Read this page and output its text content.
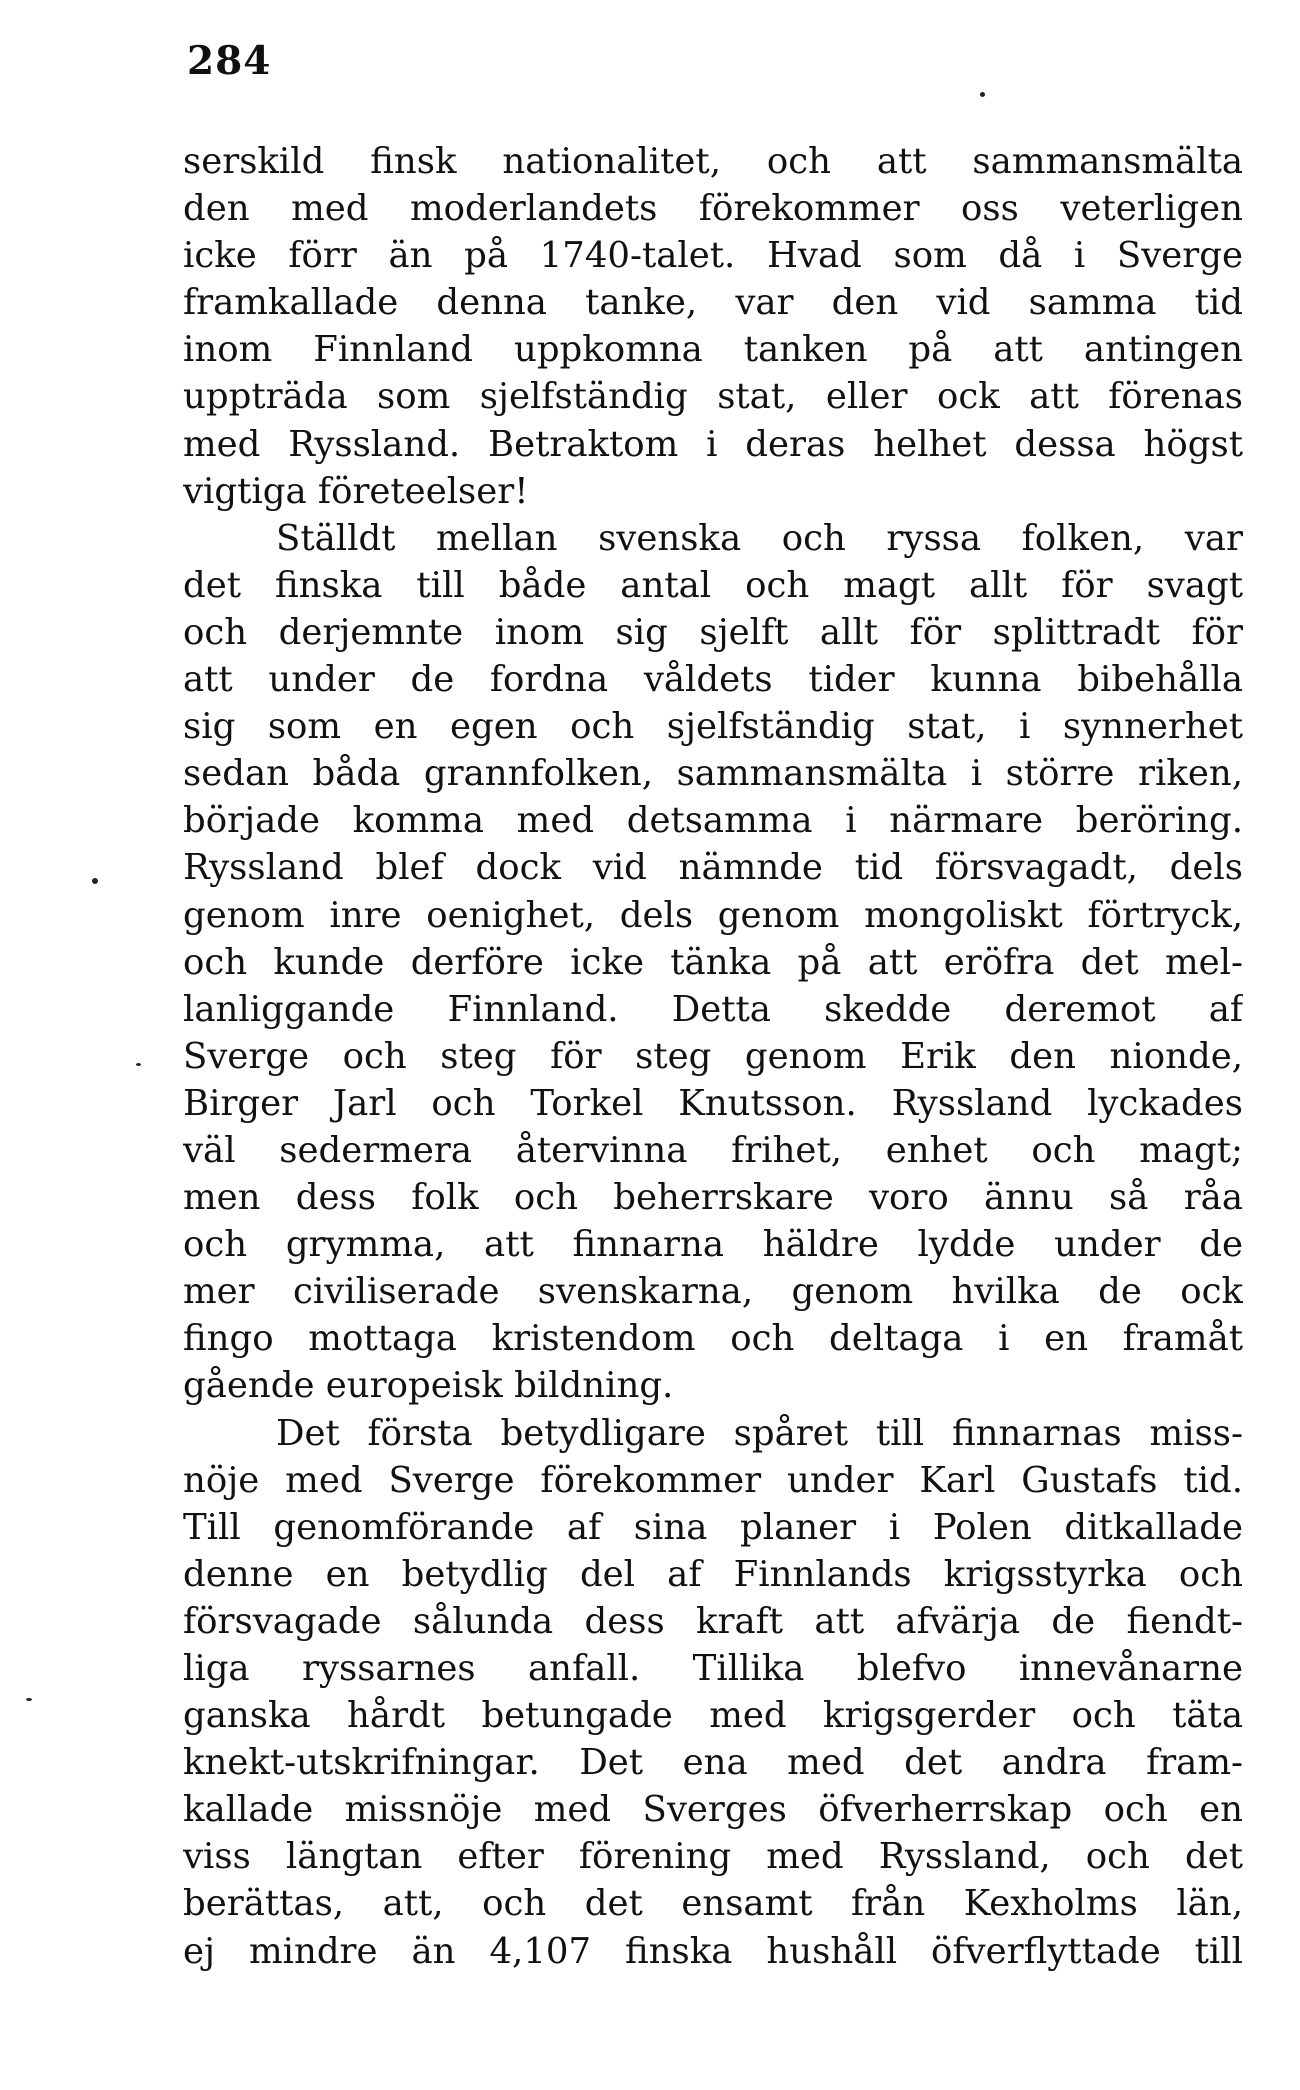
284
serskild finsk nationalitet, och att sammansmälta
den med moderlandets förekommer oss veterligen
icke förr än på 1740-talet. Hvad som då i Sverge
framkallade denna tanke, var den vid samma tid
inom Finnland uppkomna tanken på att antingen
uppträda som sjelfständig stat, eller ock att förenas
med Ryssland. Betraktom i deras helhet dessa högst
vigtiga företeelser!
Ställdt mellan svenska och ryssa folken, var
det finska till både antal och magt allt för svagt
och derjemnte inom sig sjelft allt för splittradt för
att under de fordna våldets tider kunna bibehålla
sig som en egen och sjelfständig stat, i synnerhet
sedan båda grannfolken, sammansmälta i större riken,
började komma med detsamma i närmare beröring.
Ryssland blef dock vid nämnde tid försvagadt, dels
genom inre oenighet, dels genom mongoliskt förtryck,
och kunde derföre icke tänka på att eröfra det mel-
lanliggande Finnland. Detta skedde deremot af
Sverge och steg för steg genom Erik den nionde,
Birger Jarl och Torkel Knutsson. Ryssland lyckades
väl sedermera återvinna frihet, enhet och magt;
men dess folk och beherrskare voro ännu så råa
och grymma, att finnarna häldre lydde under de
mer civiliserade svenskarna, genom hvilka de ock
fingo mottaga kristendom och deltaga i en framåt
gående europeisk bildning.
Det första betydligare spåret till finnarnas miss-
nöje med Sverge förekommer under Karl Gustafs tid.
Till genomförande af sina planer i Polen ditkallade
denne en betydlig del af Finnlands krigsstyrka och
försvagade sålunda dess kraft att afvärja de fiendt-
liga ryssarnes anfall. Tillika blefvo innevånarne
ganska hårdt betungade med krigsgerder och täta
knekt-utskrifningar. Det ena med det andra fram-
kallade missnöje med Sverges öfverherrskap och en
viss längtan efter förening med Ryssland, och det
berättas, att, och det ensamt från Kexholms län,
ej mindre än 4,107 finska hushåll öfverflyttade till
